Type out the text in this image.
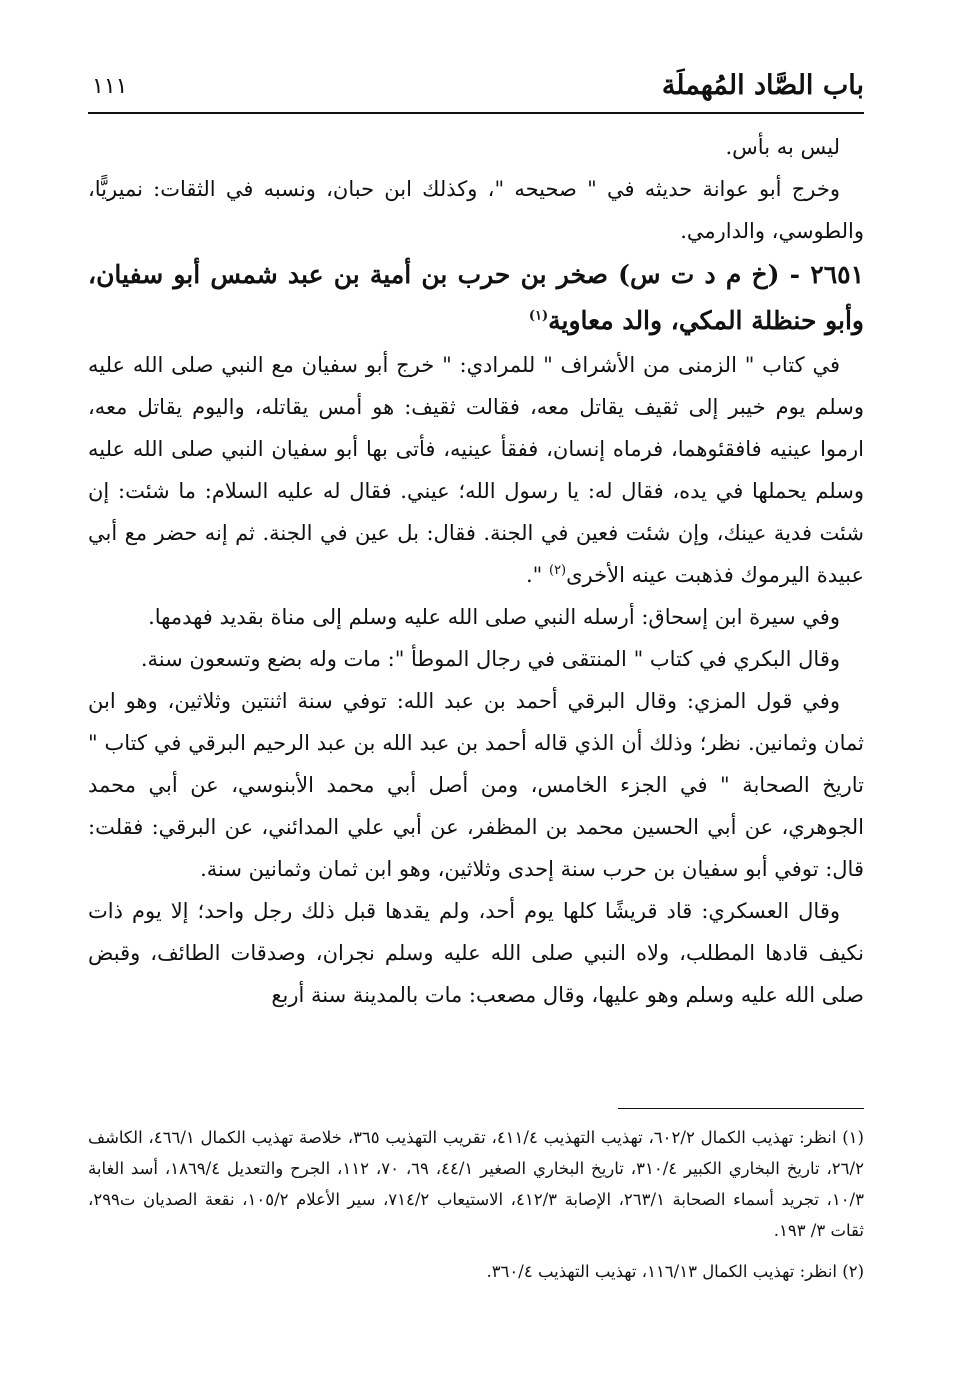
باب الصَّاد المُهملَة
١١١

ليس به بأس.

وخرج أبو عوانة حديثه في " صحيحه "، وكذلك ابن حبان، ونسبه في الثقات: نميريًّا، والطوسي، والدارمي.

٢٦٥١ - (خ م د ت س) صخر بن حرب بن أمية بن عبد شمس أبو سفيان، وأبو حنظلة المكي، والد معاوية$^{(١)}$

في كتاب " الزمنى من الأشراف " للمرادي: " خرج أبو سفيان مع النبي صلى الله عليه وسلم يوم خيبر إلى ثقيف يقاتل معه، فقالت ثقيف: هو أمس يقاتله، واليوم يقاتل معه، ارموا عينيه فافقئوهما، فرماه إنسان، ففقأ عينيه، فأتى بها أبو سفيان النبي صلى الله عليه وسلم يحملها في يده، فقال له: يا رسول الله؛ عيني. فقال له عليه السلام: ما شئت: إن شئت فدية عينك، وإن شئت فعين في الجنة. فقال: بل عين في الجنة. ثم إنه حضر مع أبي عبيدة اليرموك فذهبت عينه الأخرى$^{(٢)}$ ".

وفي سيرة ابن إسحاق: أرسله النبي صلى الله عليه وسلم إلى مناة بقديد فهدمها.

وقال البكري في كتاب " المنتقى في رجال الموطأ ": مات وله بضع وتسعون سنة.

وفي قول المزي: وقال البرقي أحمد بن عبد الله: توفي سنة اثنتين وثلاثين، وهو ابن ثمان وثمانين. نظر؛ وذلك أن الذي قاله أحمد بن عبد الله بن عبد الرحيم البرقي في كتاب " تاريخ الصحابة " في الجزء الخامس، ومن أصل أبي محمد الأبنوسي، عن أبي محمد الجوهري، عن أبي الحسين محمد بن المظفر، عن أبي علي المدائني، عن البرقي: فقلت: قال: توفي أبو سفيان بن حرب سنة إحدى وثلاثين، وهو ابن ثمان وثمانين سنة.

وقال العسكري: قاد قريشًا كلها يوم أحد، ولم يقدها قبل ذلك رجل واحد؛ إلا يوم ذات نكيف قادها المطلب، ولاه النبي صلى الله عليه وسلم نجران، وصدقات الطائف، وقبض صلى الله عليه وسلم وهو عليها، وقال مصعب: مات بالمدينة سنة أربع

(١) انظر: تهذيب الكمال ٦٠٢/٢، تهذيب التهذيب ٤١١/٤، تقريب التهذيب ٣٦٥، خلاصة تهذيب الكمال ٤٦٦/١، الكاشف ٢٦/٢، تاريخ البخاري الكبير ٣١٠/٤، تاريخ البخاري الصغير ٤٤/١، ٦٩، ٧٠، ١١٢، الجرح والتعديل ١٨٦٩/٤، أسد الغابة ١٠/٣، تجريد أسماء الصحابة ٢٦٣/١، الإصابة ٤١٢/٣، الاستيعاب ٧١٤/٢، سير الأعلام ١٠٥/٢، نقعة الصديان ت٢٩٩، ثقات ٣/ ١٩٣.

(٢) انظر: تهذيب الكمال ١١٦/١٣، تهذيب التهذيب ٣٦٠/٤.
